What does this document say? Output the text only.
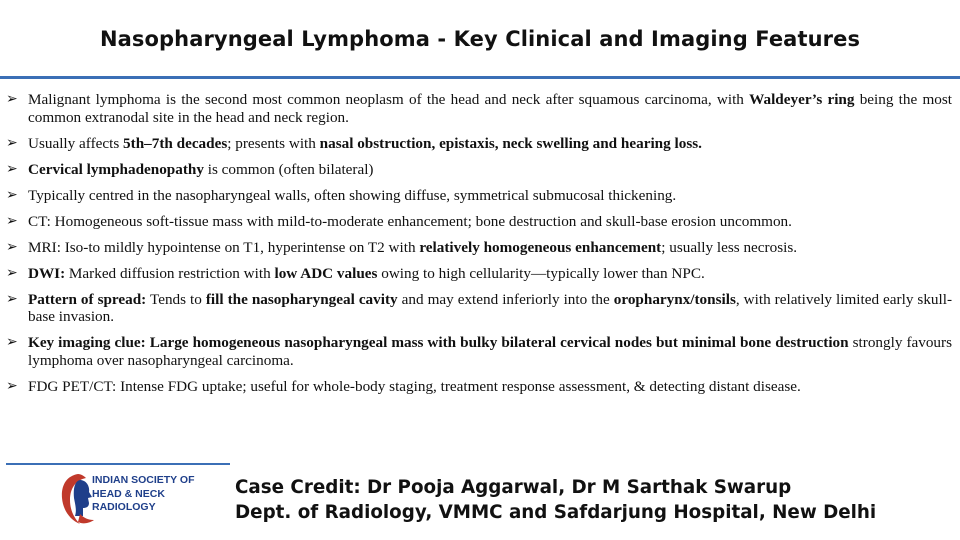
Nasopharyngeal Lymphoma - Key Clinical and Imaging Features
➢ Malignant lymphoma is the second most common neoplasm of the head and neck after squamous carcinoma, with Waldeyer’s ring being the most common extranodal site in the head and neck region.
➢ Usually affects 5th–7th decades; presents with nasal obstruction, epistaxis, neck swelling and hearing loss.
➢ Cervical lymphadenopathy is common (often bilateral)
➢ Typically centred in the nasopharyngeal walls, often showing diffuse, symmetrical submucosal thickening.
➢ CT: Homogeneous soft-tissue mass with mild-to-moderate enhancement; bone destruction and skull-base erosion uncommon.
➢ MRI: Iso-to mildly hypointense on T1, hyperintense on T2 with relatively homogeneous enhancement; usually less necrosis.
➢ DWI: Marked diffusion restriction with low ADC values owing to high cellularity—typically lower than NPC.
➢ Pattern of spread: Tends to fill the nasopharyngeal cavity and may extend inferiorly into the oropharynx/tonsils, with relatively limited early skull-base invasion.
➢ Key imaging clue: Large homogeneous nasopharyngeal mass with bulky bilateral cervical nodes but minimal bone destruction strongly favours lymphoma over nasopharyngeal carcinoma.
➢ FDG PET/CT: Intense FDG uptake; useful for whole-body staging, treatment response assessment, & detecting distant disease.
INDIAN SOCIETY OF
HEAD & NECK
RADIOLOGY
Case Credit: Dr Pooja Aggarwal, Dr M Sarthak Swarup
Dept. of Radiology, VMMC and Safdarjung Hospital, New Delhi
